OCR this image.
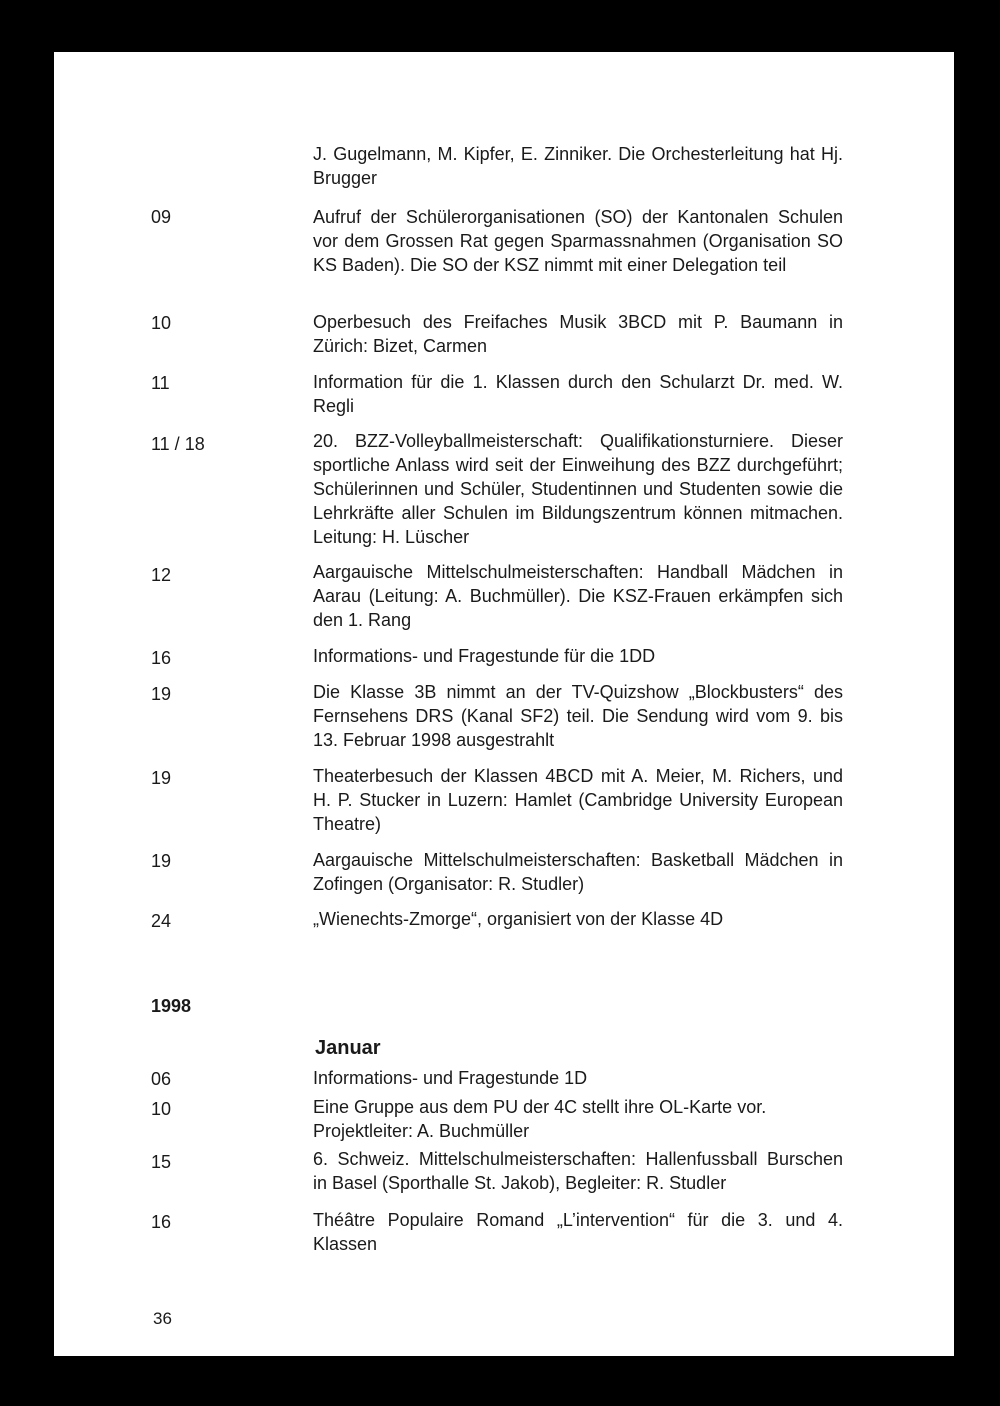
J. Gugelmann, M. Kipfer, E. Zinniker. Die Orchesterleitung hat Hj. Brugger
09	Aufruf der Schülerorganisationen (SO) der Kantonalen Schulen vor dem Grossen Rat gegen Sparmassnahmen (Organisation SO KS Baden). Die SO der KSZ nimmt mit einer Delegation teil
10	Operbesuch des Freifaches Musik 3BCD mit P. Baumann in Zürich: Bizet, Carmen
11	Information für die 1. Klassen durch den Schularzt Dr. med. W. Regli
11 / 18	20. BZZ-Volleyballmeisterschaft: Qualifikationsturniere. Dieser sportliche Anlass wird seit der Einweihung des BZZ durchgeführt; Schülerinnen und Schüler, Studentinnen und Studenten sowie die Lehrkräfte aller Schulen im Bildungszentrum können mitmachen. Leitung: H. Lüscher
12	Aargauische Mittelschulmeisterschaften: Handball Mädchen in Aarau (Leitung: A. Buchmüller). Die KSZ-Frauen erkämpfen sich den 1. Rang
16	Informations- und Fragestunde für die 1DD
19	Die Klasse 3B nimmt an der TV-Quizshow „Blockbusters“ des Fernsehens DRS (Kanal SF2) teil. Die Sendung wird vom 9. bis 13. Februar 1998 ausgestrahlt
19	Theaterbesuch der Klassen 4BCD mit A. Meier, M. Richers, und H. P. Stucker in Luzern: Hamlet (Cambridge University European Theatre)
19	Aargauische Mittelschulmeisterschaften: Basketball Mädchen in Zofingen (Organisator: R. Studler)
24	„Wienechts-Zmorge“, organisiert von der Klasse 4D
1998
Januar
06	Informations- und Fragestunde 1D
10	Eine Gruppe aus dem PU der 4C stellt ihre OL-Karte vor. Projektleiter: A. Buchmüller
15	6. Schweiz. Mittelschulmeisterschaften: Hallenfussball Burschen in Basel (Sporthalle St. Jakob), Begleiter: R. Studler
16	Théâtre Populaire Romand „L’intervention“ für die 3. und 4. Klassen
36
